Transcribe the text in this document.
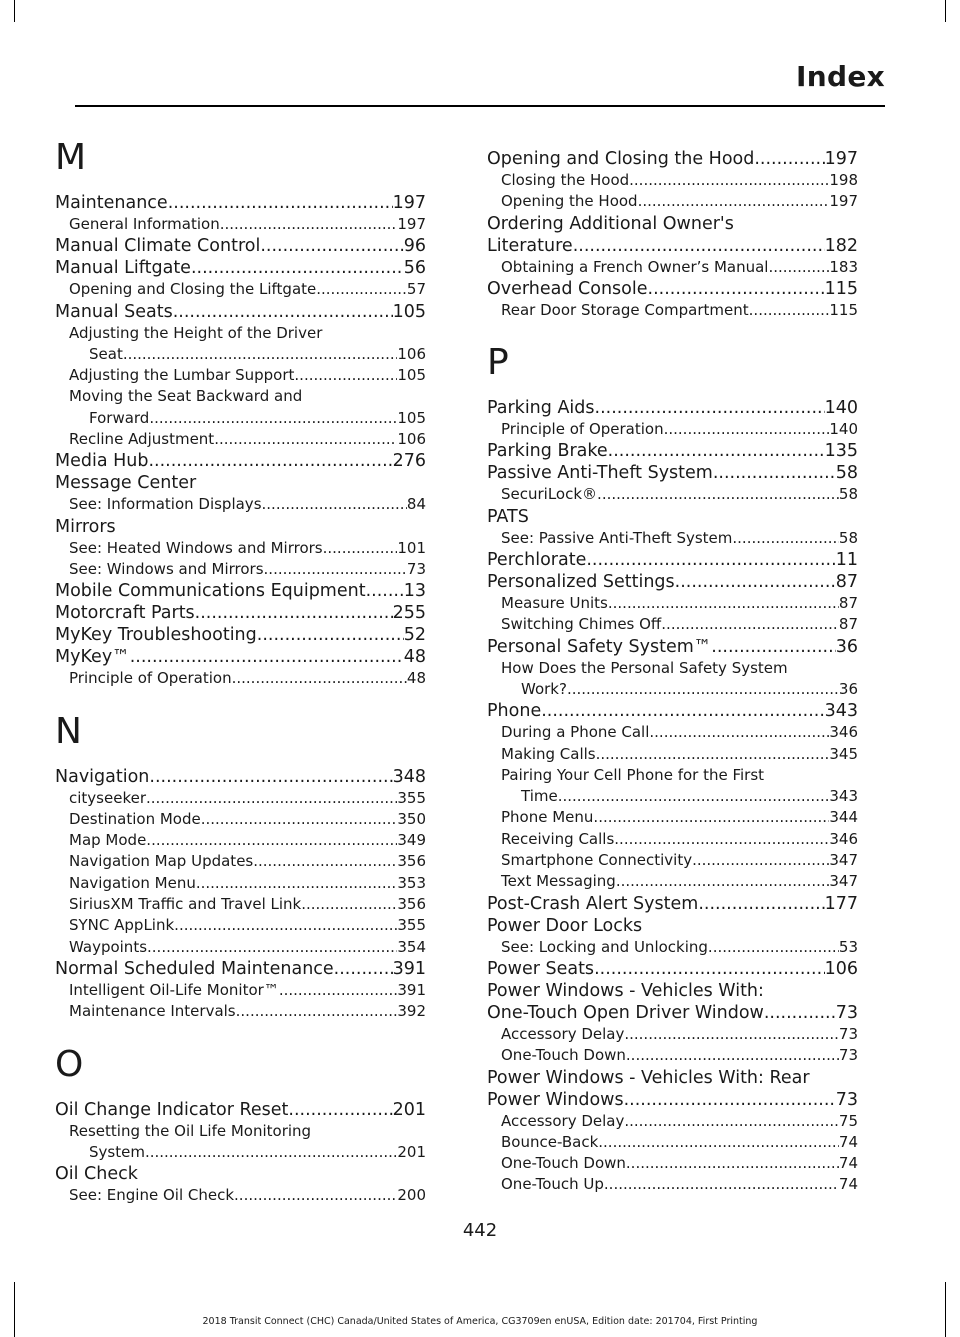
Index
M
Maintenance .....	197
General Information .....	197
Manual Climate Control .....	96
Manual Liftgate .....	56
Opening and Closing the Liftgate .....	57
Manual Seats .....	105
Adjusting the Height of the Driver
Seat .....	106
Adjusting the Lumbar Support .....	105
Moving the Seat Backward and
Forward .....	105
Recline Adjustment .....	106
Media Hub .....	276
Message Center
See: Information Displays .....	84
Mirrors
See: Heated Windows and Mirrors .....	101
See: Windows and Mirrors .....	73
Mobile Communications Equipment ..... 13
Motorcraft Parts .....	255
MyKey Troubleshooting .....	52
MyKey™ .....	48
Principle of Operation .....	48
N
Navigation .....	348
cityseeker .....	355
Destination Mode .....	350
Map Mode .....	349
Navigation Map Updates .....	356
Navigation Menu .....	353
SiriusXM Traffic and Travel Link .....	356
SYNC AppLink .....	355
Waypoints .....	354
Normal Scheduled Maintenance .....	391
Intelligent Oil-Life Monitor™ .....	391
Maintenance Intervals .....	392
O
Oil Change Indicator Reset .....	201
Resetting the Oil Life Monitoring
System .....	201
Oil Check
See: Engine Oil Check .....	200
Opening and Closing the Hood .....	197
Closing the Hood .....	198
Opening the Hood .....	197
Ordering Additional Owner's
Literature .....	182
Obtaining a French Owner’s Manual .....	183
Overhead Console .....	115
Rear Door Storage Compartment .....	115
P
Parking Aids .....	140
Principle of Operation .....	140
Parking Brake .....	135
Passive Anti-Theft System .....	58
SecuriLock® .....	58
PATS
See: Passive Anti-Theft System .....	58
Perchlorate .....	11
Personalized Settings .....	87
Measure Units .....	87
Switching Chimes Off .....	87
Personal Safety System™ .....	36
How Does the Personal Safety System
Work? .....	36
Phone .....	343
During a Phone Call .....	346
Making Calls .....	345
Pairing Your Cell Phone for the First
Time .....	343
Phone Menu .....	344
Receiving Calls .....	346
Smartphone Connectivity .....	347
Text Messaging .....	347
Post-Crash Alert System .....	177
Power Door Locks
See: Locking and Unlocking .....	53
Power Seats .....	106
Power Windows - Vehicles With:
One-Touch Open Driver Window .....	73
Accessory Delay .....	73
One-Touch Down .....	73
Power Windows - Vehicles With: Rear
Power Windows .....	73
Accessory Delay .....	75
Bounce-Back .....	74
One-Touch Down .....	74
One-Touch Up .....	74
442
2018 Transit Connect (CHC) Canada/United States of America, CG3709en enUSA, Edition date: 201704, First Printing
